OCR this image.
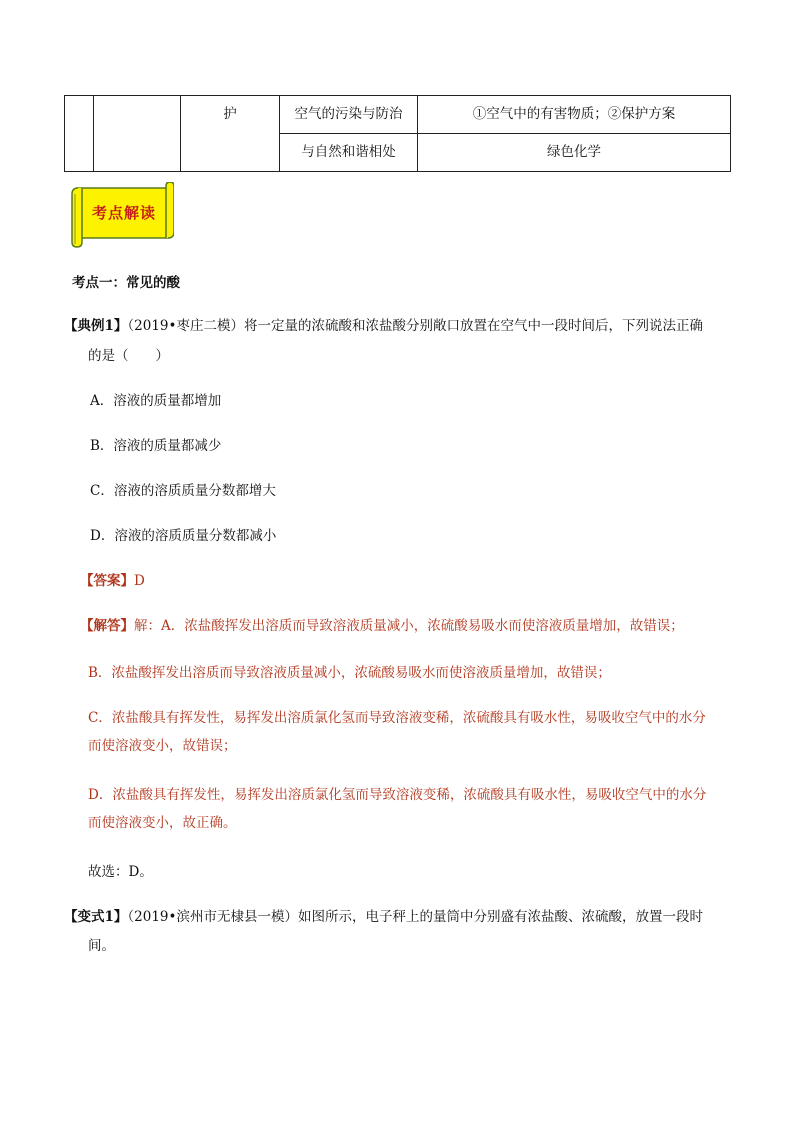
		护	空气的污染与防治	①空气中的有害物质；②保护方案

			与自然和谐相处	绿色化学
考点解读
考点一：常见的酸
【典例1】（2019•枣庄二模）将一定量的浓硫酸和浓盐酸分别敞口放置在空气中一段时间后，下列说法正确
的是（　　）
A．溶液的质量都增加
B．溶液的质量都减少
C．溶液的溶质质量分数都增大
D．溶液的溶质质量分数都减小
【答案】D
【解答】解：A．浓盐酸挥发出溶质而导致溶液质量减小，浓硫酸易吸水而使溶液质量增加，故错误；
B．浓盐酸挥发出溶质而导致溶液质量减小，浓硫酸易吸水而使溶液质量增加，故错误；
C．浓盐酸具有挥发性，易挥发出溶质氯化氢而导致溶液变稀，浓硫酸具有吸水性，易吸收空气中的水分
而使溶液变小，故错误；
D．浓盐酸具有挥发性，易挥发出溶质氯化氢而导致溶液变稀，浓硫酸具有吸水性，易吸收空气中的水分
而使溶液变小，故正确。
故选：D。
【变式1】（2019•滨州市无棣县一模）如图所示，电子秤上的量筒中分别盛有浓盐酸、浓硫酸，放置一段时
间。
